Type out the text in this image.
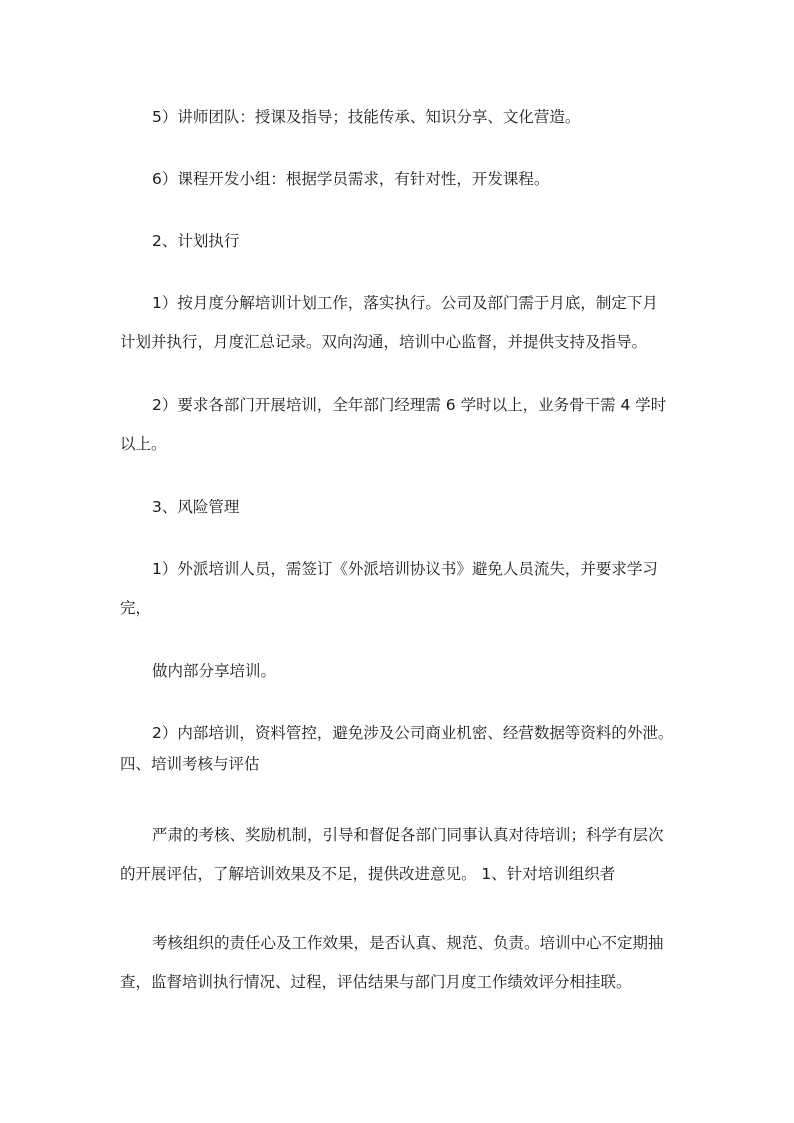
5）讲师团队：授课及指导；技能传承、知识分享、文化营造。

6）课程开发小组：根据学员需求，有针对性，开发课程。

2、计划执行

1）按月度分解培训计划工作，落实执行。公司及部门需于月底，制定下月
计划并执行，月度汇总记录。双向沟通，培训中心监督，并提供支持及指导。

2）要求各部门开展培训，全年部门经理需 6 学时以上，业务骨干需 4 学时
以上。

3、风险管理

1）外派培训人员，需签订《外派培训协议书》避免人员流失，并要求学习
完，

做内部分享培训。

2）内部培训，资料管控，避免涉及公司商业机密、经营数据等资料的外泄。
四、培训考核与评估

严肃的考核、奖励机制，引导和督促各部门同事认真对待培训；科学有层次
的开展评估，了解培训效果及不足，提供改进意见。 1、针对培训组织者

考核组织的责任心及工作效果，是否认真、规范、负责。培训中心不定期抽
查，监督培训执行情况、过程，评估结果与部门月度工作绩效评分相挂联。
